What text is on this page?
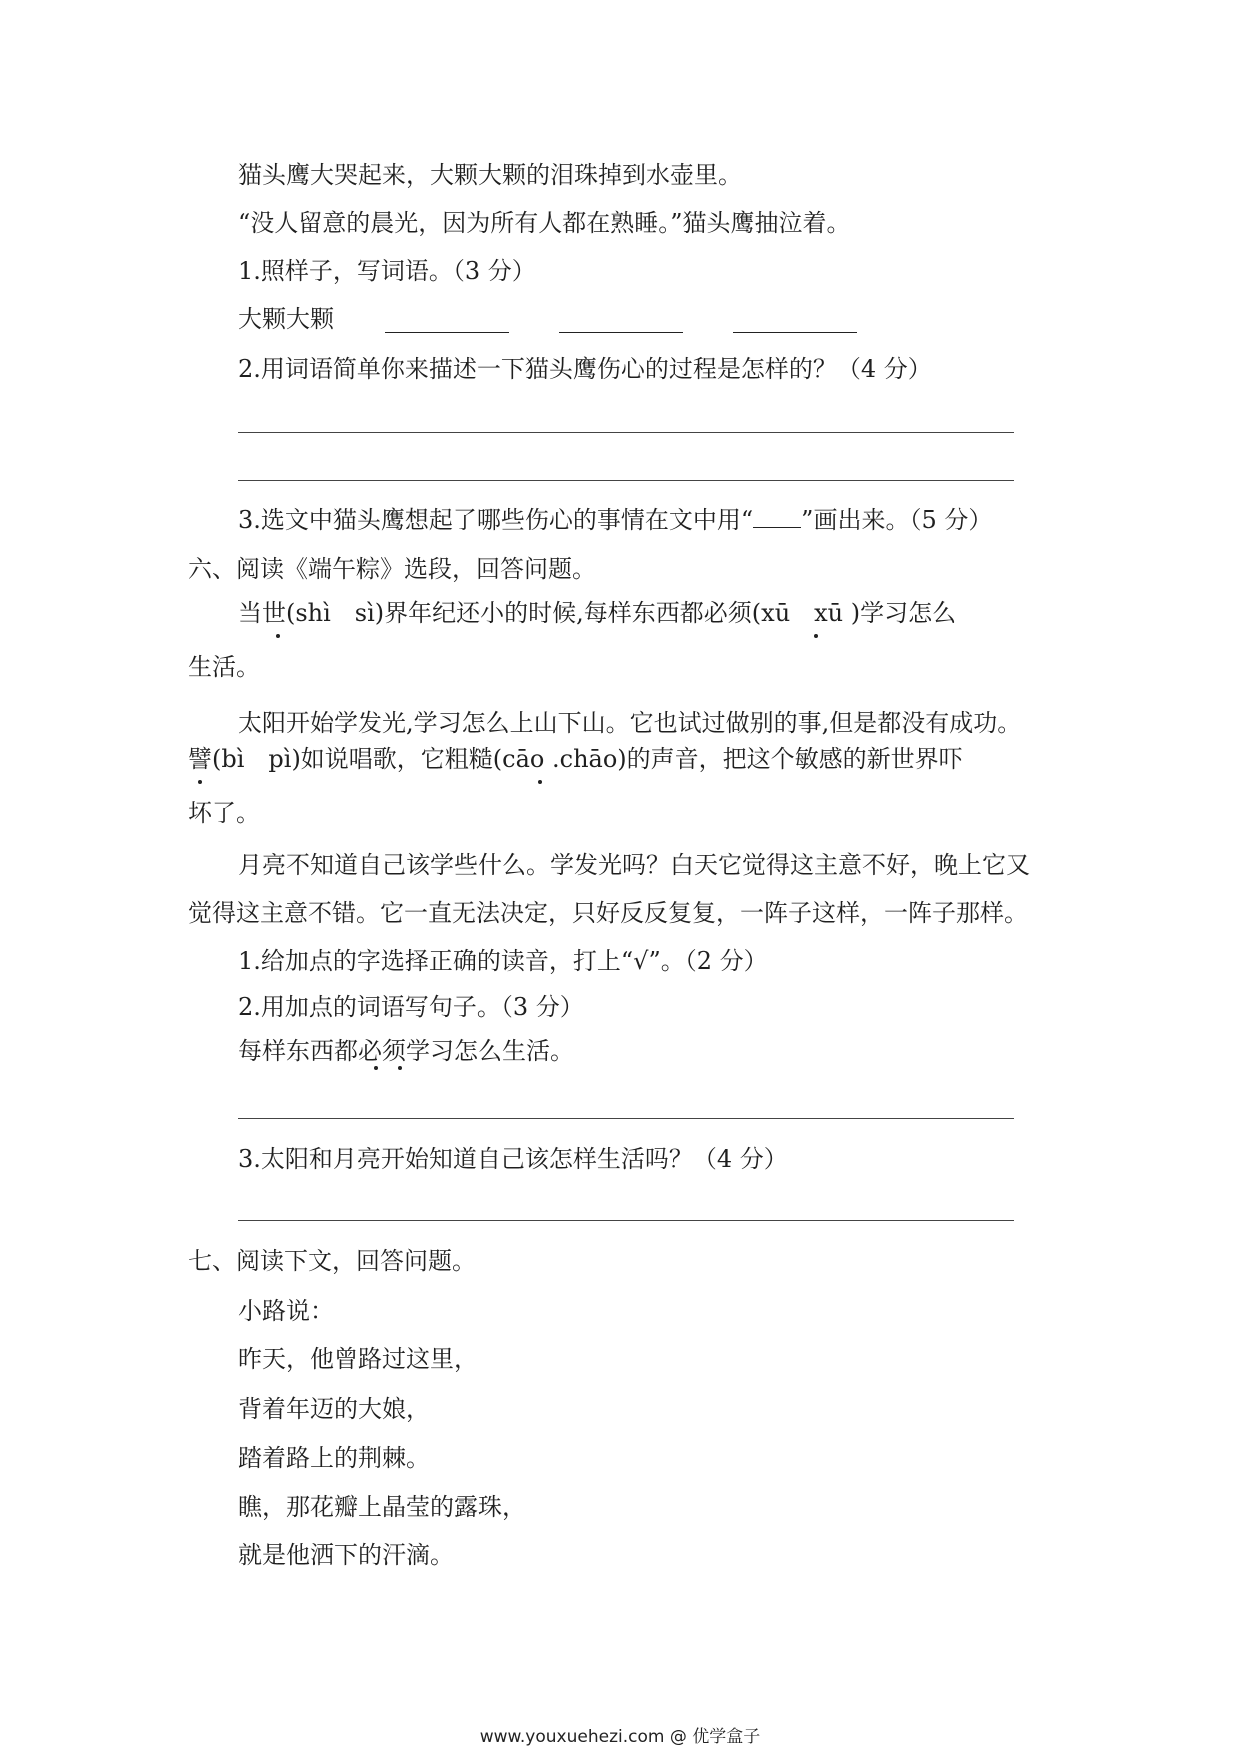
猫头鹰大哭起来，大颗大颗的泪珠掉到水壶里。
“没人留意的晨光，因为所有人都在熟睡。”猫头鹰抽泣着。
1.照样子，写词语。（3 分）
大颗大颗
2.用词语简单你来描述一下猫头鹰伤心的过程是怎样的？（4 分）
3.选文中猫头鹰想起了哪些伤心的事情在文中用“ ”画出来。（5 分）
六、阅读《端午粽》选段，回答问题。
当世(shì　sì)界年纪还小的时候,每样东西都必须(xū　xū )学习怎么
生活。
太阳开始学发光,学习怎么上山下山。它也试过做别的事,但是都没有成功。
譬(bì　pì)如说唱歌，它粗糙(cāo .chāo)的声音，把这个敏感的新世界吓
坏了。
月亮不知道自己该学些什么。学发光吗？白天它觉得这主意不好，晚上它又
觉得这主意不错。它一直无法决定，只好反反复复，一阵子这样，一阵子那样。
1.给加点的字选择正确的读音，打上“√”。（2 分）
2.用加点的词语写句子。（3 分）
每样东西都必须学习怎么生活。
3.太阳和月亮开始知道自己该怎样生活吗？（4 分）
七、阅读下文，回答问题。
小路说：
昨天，他曾路过这里，
背着年迈的大娘，
踏着路上的荆棘。
瞧，那花瓣上晶莹的露珠，
就是他洒下的汗滴。
www.youxuehezi.com @ 优学盒子
